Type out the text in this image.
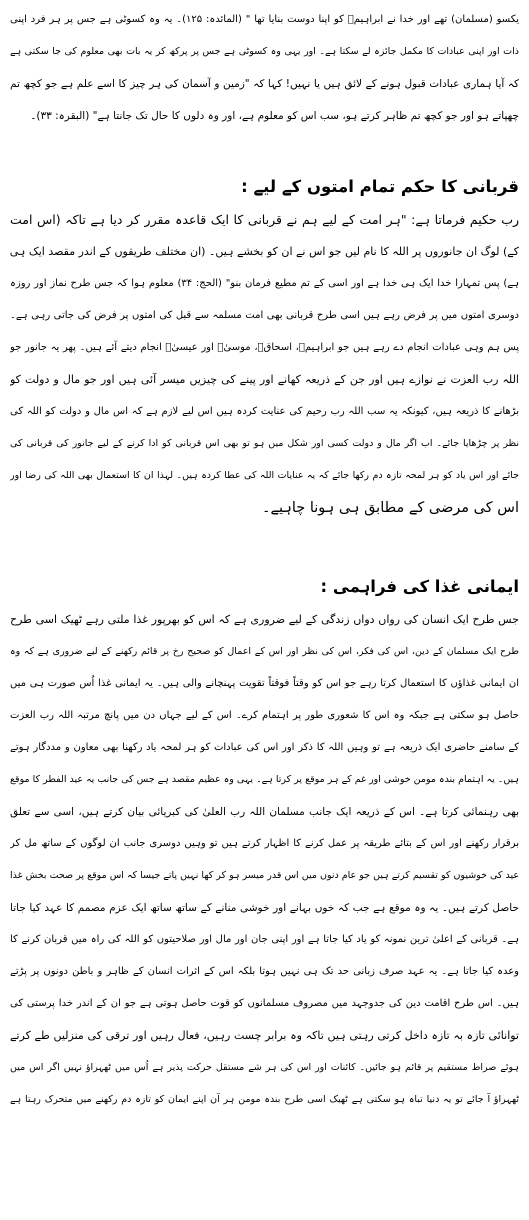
یکسو (مسلمان) تھے اور خدا نے ابراہیمؑ کو اپنا دوست بنایا تھا " (المائدہ: ۱۲۵)۔ یہ وہ کسوٹی ہے جس پر ہر فرد اپنی
ذات اور اپنی عبادات کا مکمل جائزہ لے سکتا ہے۔ اور یہی وہ کسوٹی ہے جس پر پرکھ کر یہ بات بھی معلوم کی جا سکتی ہے
کہ آیا ہماری عبادات قبول ہونے کے لائق ہیں یا نہیں! کہا کہ "زمین و آسمان کی ہر چیز کا اسے علم ہے جو کچھ تم
چھپاتے ہو اور جو کچھ تم ظاہر کرتے ہو، سب اس کو معلوم ہے، اور وہ دلوں کا حال تک جانتا ہے" (البقرہ: ۳۳)۔
قربانی کا حکم تمام امتوں کے لیے :
رب حکیم فرماتا ہے: "ہر امت کے لیے ہم نے قربانی کا ایک قاعدہ مقرر کر دیا ہے تاکہ (اس امت
کے) لوگ ان جانوروں پر اللہ کا نام لیں جو اس نے ان کو بخشے ہیں۔ (ان مختلف طریقوں کے اندر مقصد ایک ہی
ہے) پس تمہارا خدا ایک ہی خدا ہے اور اسی کے تم مطیع فرمان بنو" (الحج: ۳۴) معلوم ہوا کہ جس طرح نماز اور روزہ
دوسری امتوں میں پر فرض رہے ہیں اسی طرح قربانی بھی امت مسلمہ سے قبل کی امتوں پر فرض کی جاتی رہی ہے۔
پس ہم وہی عبادات انجام دے رہے ہیں جو ابراہیمؑ، اسحاقؑ، موسیٰؑ اور عیسیٰؑ انجام دیتے آئے ہیں۔ پھر یہ جانور جو
اللہ رب العزت نے نوازے ہیں اور جن کے ذریعہ کھانے اور پینے کی چیزیں میسر آئی ہیں اور جو مال و دولت کو
بڑھانے کا ذریعہ ہیں، کیونکہ یہ سب اللہ رب رحیم کی عنایت کردہ ہیں اس لیے لازم ہے کہ اس مال و دولت کو اللہ کی
نظر پر چڑھایا جائے۔ اب اگر مال و دولت کسی اور شکل میں ہو تو بھی اس قربانی کو ادا کرنے کے لیے جانور کی قربانی کی
جائے اور اس یاد کو ہر لمحہ تازہ دم رکھا جائے کہ یہ عنایات اللہ کی عطا کردہ ہیں۔ لہذا ان کا استعمال بھی اللہ کی رضا اور
اس کی مرضی کے مطابق ہی ہونا چاہیے۔
ایمانی غذا کی فراہمی :
جس طرح ایک انسان کی رواں دواں زندگی کے لیے ضروری ہے کہ اس کو بھرپور غذا ملتی رہے ٹھیک اسی طرح
طرح ایک مسلمان کے دین، اس کی فکر، اس کی نظر اور اس کے اعمال کو صحیح رخ پر قائم رکھنے کے لیے ضروری ہے کہ وہ
ان ایمانی غذاؤں کا استعمال کرتا رہے جو اس کو وقتاً فوقتاً تقویت پہنچانے والی ہیں۔ یہ ایمانی غذا اُس صورت ہی میں
حاصل ہو سکتی ہے جبکہ وہ اس کا شعوری طور پر اہتمام کرے۔ اس کے لیے جہاں دن میں پانچ مرتبہ اللہ رب العزت
کے سامنے حاضری ایک ذریعہ ہے تو وہیں اللہ کا ذکر اور اس کی عبادات کو ہر لمحہ یاد رکھنا بھی معاون و مددگار ہوتے
ہیں۔ یہ اہتمام بندہ مومن خوشی اور غم کے ہر موقع پر کرتا ہے۔ یہی وہ عظیم مقصد ہے جس کی جانب یہ عید الفطر کا موقع
بھی رہنمائی کرتا ہے۔ اس کے ذریعہ ایک جانب مسلمان اللہ رب العلیٰ کی کبریائی بیان کرتے ہیں، اسی سے تعلق
برقرار رکھنے اور اس کے بتائے طریقہ پر عمل کرنے کا اظہار کرتے ہیں تو وہیں دوسری جانب ان لوگوں کے ساتھ مل کر
عید کی خوشیوں کو تقسیم کرتے ہیں جو عام دنوں میں اس قدر میسر ہو کر کھا نہیں پاتے جیسا کہ اس موقع پر صحت بخش غذا
حاصل کرتے ہیں۔ یہ وہ موقع ہے جب کہ خوں بہانے اور خوشی منانے کے ساتھ ساتھ ایک عزم مصمم کا عہد کیا جاتا
ہے۔ قربانی کے اعلیٰ ترین نمونہ کو یاد کیا جاتا ہے اور اپنی جان اور مال اور صلاحیتوں کو اللہ کی راہ میں قربان کرنے کا
وعدہ کیا جاتا ہے۔ یہ عہد صرف زبانی حد تک ہی نہیں ہوتا بلکہ اس کے اثرات انسان کے ظاہر و باطن دونوں پر پڑتے
ہیں۔ اس طرح اقامت دین کی جدوجہد میں مصروف مسلمانوں کو قوت حاصل ہوتی ہے جو ان کے اندر خدا پرستی کی
توانائی تازہ بہ تازہ داخل کرتی رہتی ہیں تاکہ وہ برابر چست رہیں، فعال رہیں اور ترقی کی منزلیں طے کرتے
ہوئے صراط مستقیم پر قائم ہو جائیں۔ کائنات اور اس کی ہر شے مستقل حرکت پذیر ہے اُس میں ٹھہراؤ نہیں اگر اس میں
ٹھہراؤ آ جائے تو یہ دنیا تباہ ہو سکتی ہے ٹھیک اسی طرح بندہ مومن ہر آن اپنے ایمان کو تازہ دم رکھنے میں متحرک رہتا ہے
